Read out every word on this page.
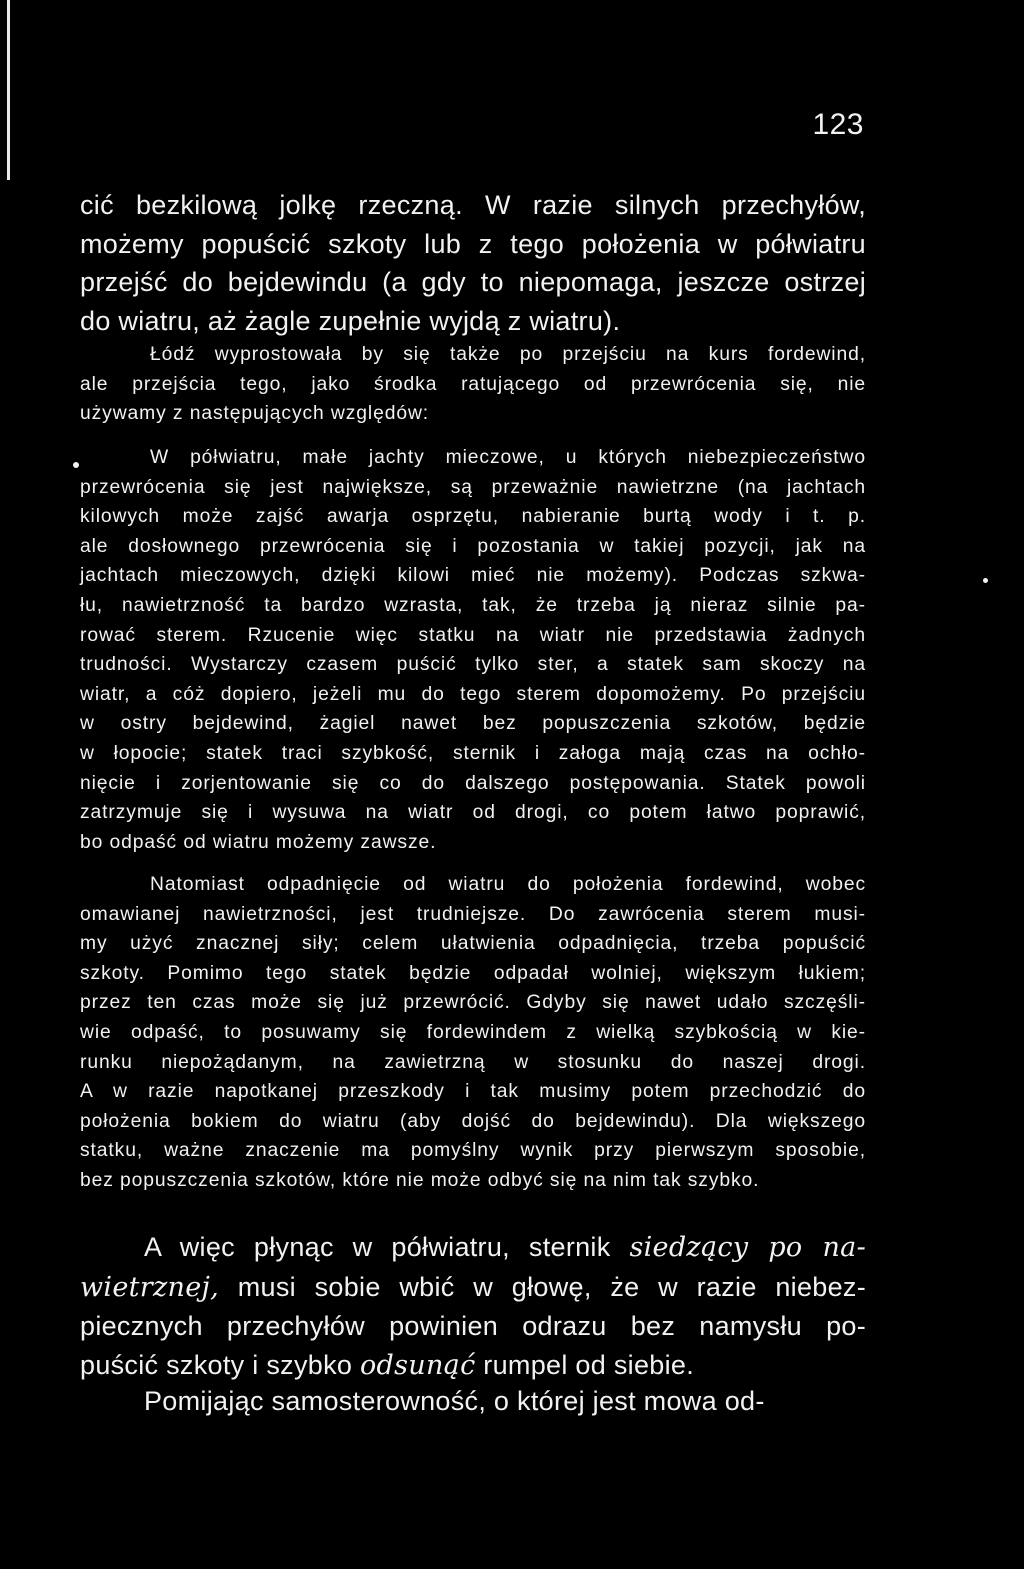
123
cić bezkilową jolkę rzeczną. W razie silnych przechyłów,
możemy popuścić szkoty lub z tego położenia w półwiatru
przejść do bejdewindu (a gdy to niepomaga, jeszcze ostrzej
do wiatru, aż żagle zupełnie wyjdą z wiatru).
Łódź wyprostowała by się także po przejściu na kurs fordewind,
ale przejścia tego, jako środka ratującego od przewrócenia się, nie
używamy z następujących względów:
W półwiatru, małe jachty mieczowe, u których niebezpieczeństwo
przewrócenia się jest największe, są przeważnie nawietrzne (na jachtach
kilowych może zajść awarja osprzętu, nabieranie burtą wody i t. p.
ale dosłownego przewrócenia się i pozostania w takiej pozycji, jak na
jachtach mieczowych, dzięki kilowi mieć nie możemy). Podczas szkwa-
łu, nawietrzność ta bardzo wzrasta, tak, że trzeba ją nieraz silnie pa-
rować sterem. Rzucenie więc statku na wiatr nie przedstawia żadnych
trudności. Wystarczy czasem puścić tylko ster, a statek sam skoczy na
wiatr, a cóż dopiero, jeżeli mu do tego sterem dopomożemy. Po przejściu
w ostry bejdewind, żagiel nawet bez popuszczenia szkotów, będzie
w łopocie; statek traci szybkość, sternik i załoga mają czas na ochło-
nięcie i zorjentowanie się co do dalszego postępowania. Statek powoli
zatrzymuje się i wysuwa na wiatr od drogi, co potem łatwo poprawić,
bo odpaść od wiatru możemy zawsze.
Natomiast odpadnięcie od wiatru do położenia fordewind, wobec
omawianej nawietrzności, jest trudniejsze. Do zawrócenia sterem musi-
my użyć znacznej siły; celem ułatwienia odpadnięcia, trzeba popuścić
szkoty. Pomimo tego statek będzie odpadał wolniej, większym łukiem;
przez ten czas może się już przewrócić. Gdyby się nawet udało szczęśli-
wie odpaść, to posuwamy się fordewindem z wielką szybkością w kie-
runku niepożądanym, na zawietrzną w stosunku do naszej drogi.
A w razie napotkanej przeszkody i tak musimy potem przechodzić do
położenia bokiem do wiatru (aby dojść do bejdewindu). Dla większego
statku, ważne znaczenie ma pomyślny wynik przy pierwszym sposobie,
bez popuszczenia szkotów, które nie może odbyć się na nim tak szybko.
A więc płynąc w półwiatru, sternik siedzący po na-
wietrznej, musi sobie wbić w głowę, że w razie niebez-
piecznych przechyłów powinien odrazu bez namysłu po-
puścić szkoty i szybko odsunąć rumpel od siebie.
Pomijając samosterowność, o której jest mowa od-
